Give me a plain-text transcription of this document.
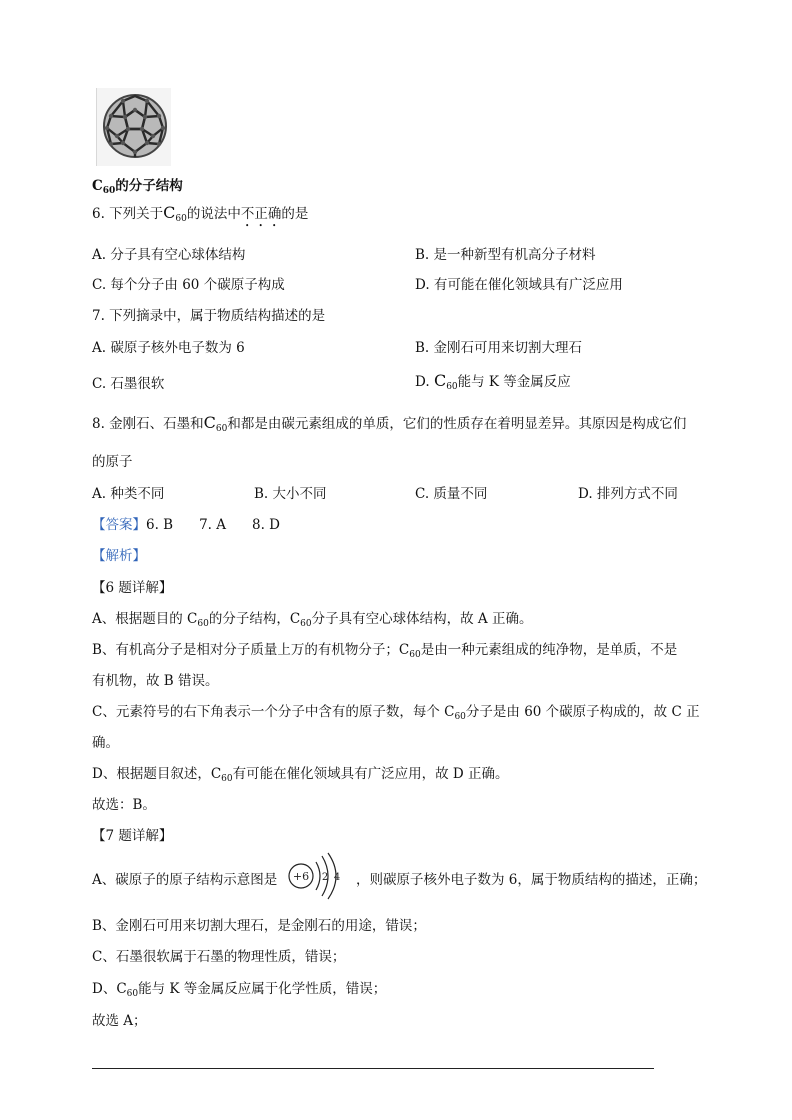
$C_{60}$的分子结构
6. 下列关于$C_{60}$的说法中不正确的是
A. 分子具有空心球体结构	B. 是一种新型有机高分子材料
C. 每个分子由 60 个碳原子构成	D. 有可能在催化领域具有广泛应用
7. 下列摘录中，属于物质结构描述的是
A. 碳原子核外电子数为 6	B. 金刚石可用来切割大理石
C. 石墨很软	D. $C_{60}$能与 K 等金属反应
8. 金刚石、石墨和$C_{60}$和都是由碳元素组成的单质，它们的性质存在着明显差异。其原因是构成它们
的原子
A. 种类不同	B. 大小不同	C. 质量不同	D. 排列方式不同
【答案】6. B 7. A 8. D
【解析】
【6 题详解】
A、根据题目的 $C_{60}$的分子结构，$C_{60}$分子具有空心球体结构，故 A 正确。
B、有机高分子是相对分子质量上万的有机物分子；$C_{60}$是由一种元素组成的纯净物，是单质，不是
有机物，故 B 错误。
C、元素符号的右下角表示一个分子中含有的原子数，每个 $C_{60}$分子是由 60 个碳原子构成的，故 C 正
确。
D、根据题目叙述，$C_{60}$有可能在催化领域具有广泛应用，故 D 正确。
故选：B。
【7 题详解】
A、碳原子的原子结构示意图是 +6 2 4 ，则碳原子核外电子数为 6，属于物质结构的描述，正确；
B、金刚石可用来切割大理石，是金刚石的用途，错误；
C、石墨很软属于石墨的物理性质，错误；
D、$C_{60}$能与 K 等金属反应属于化学性质，错误；
故选 A；
